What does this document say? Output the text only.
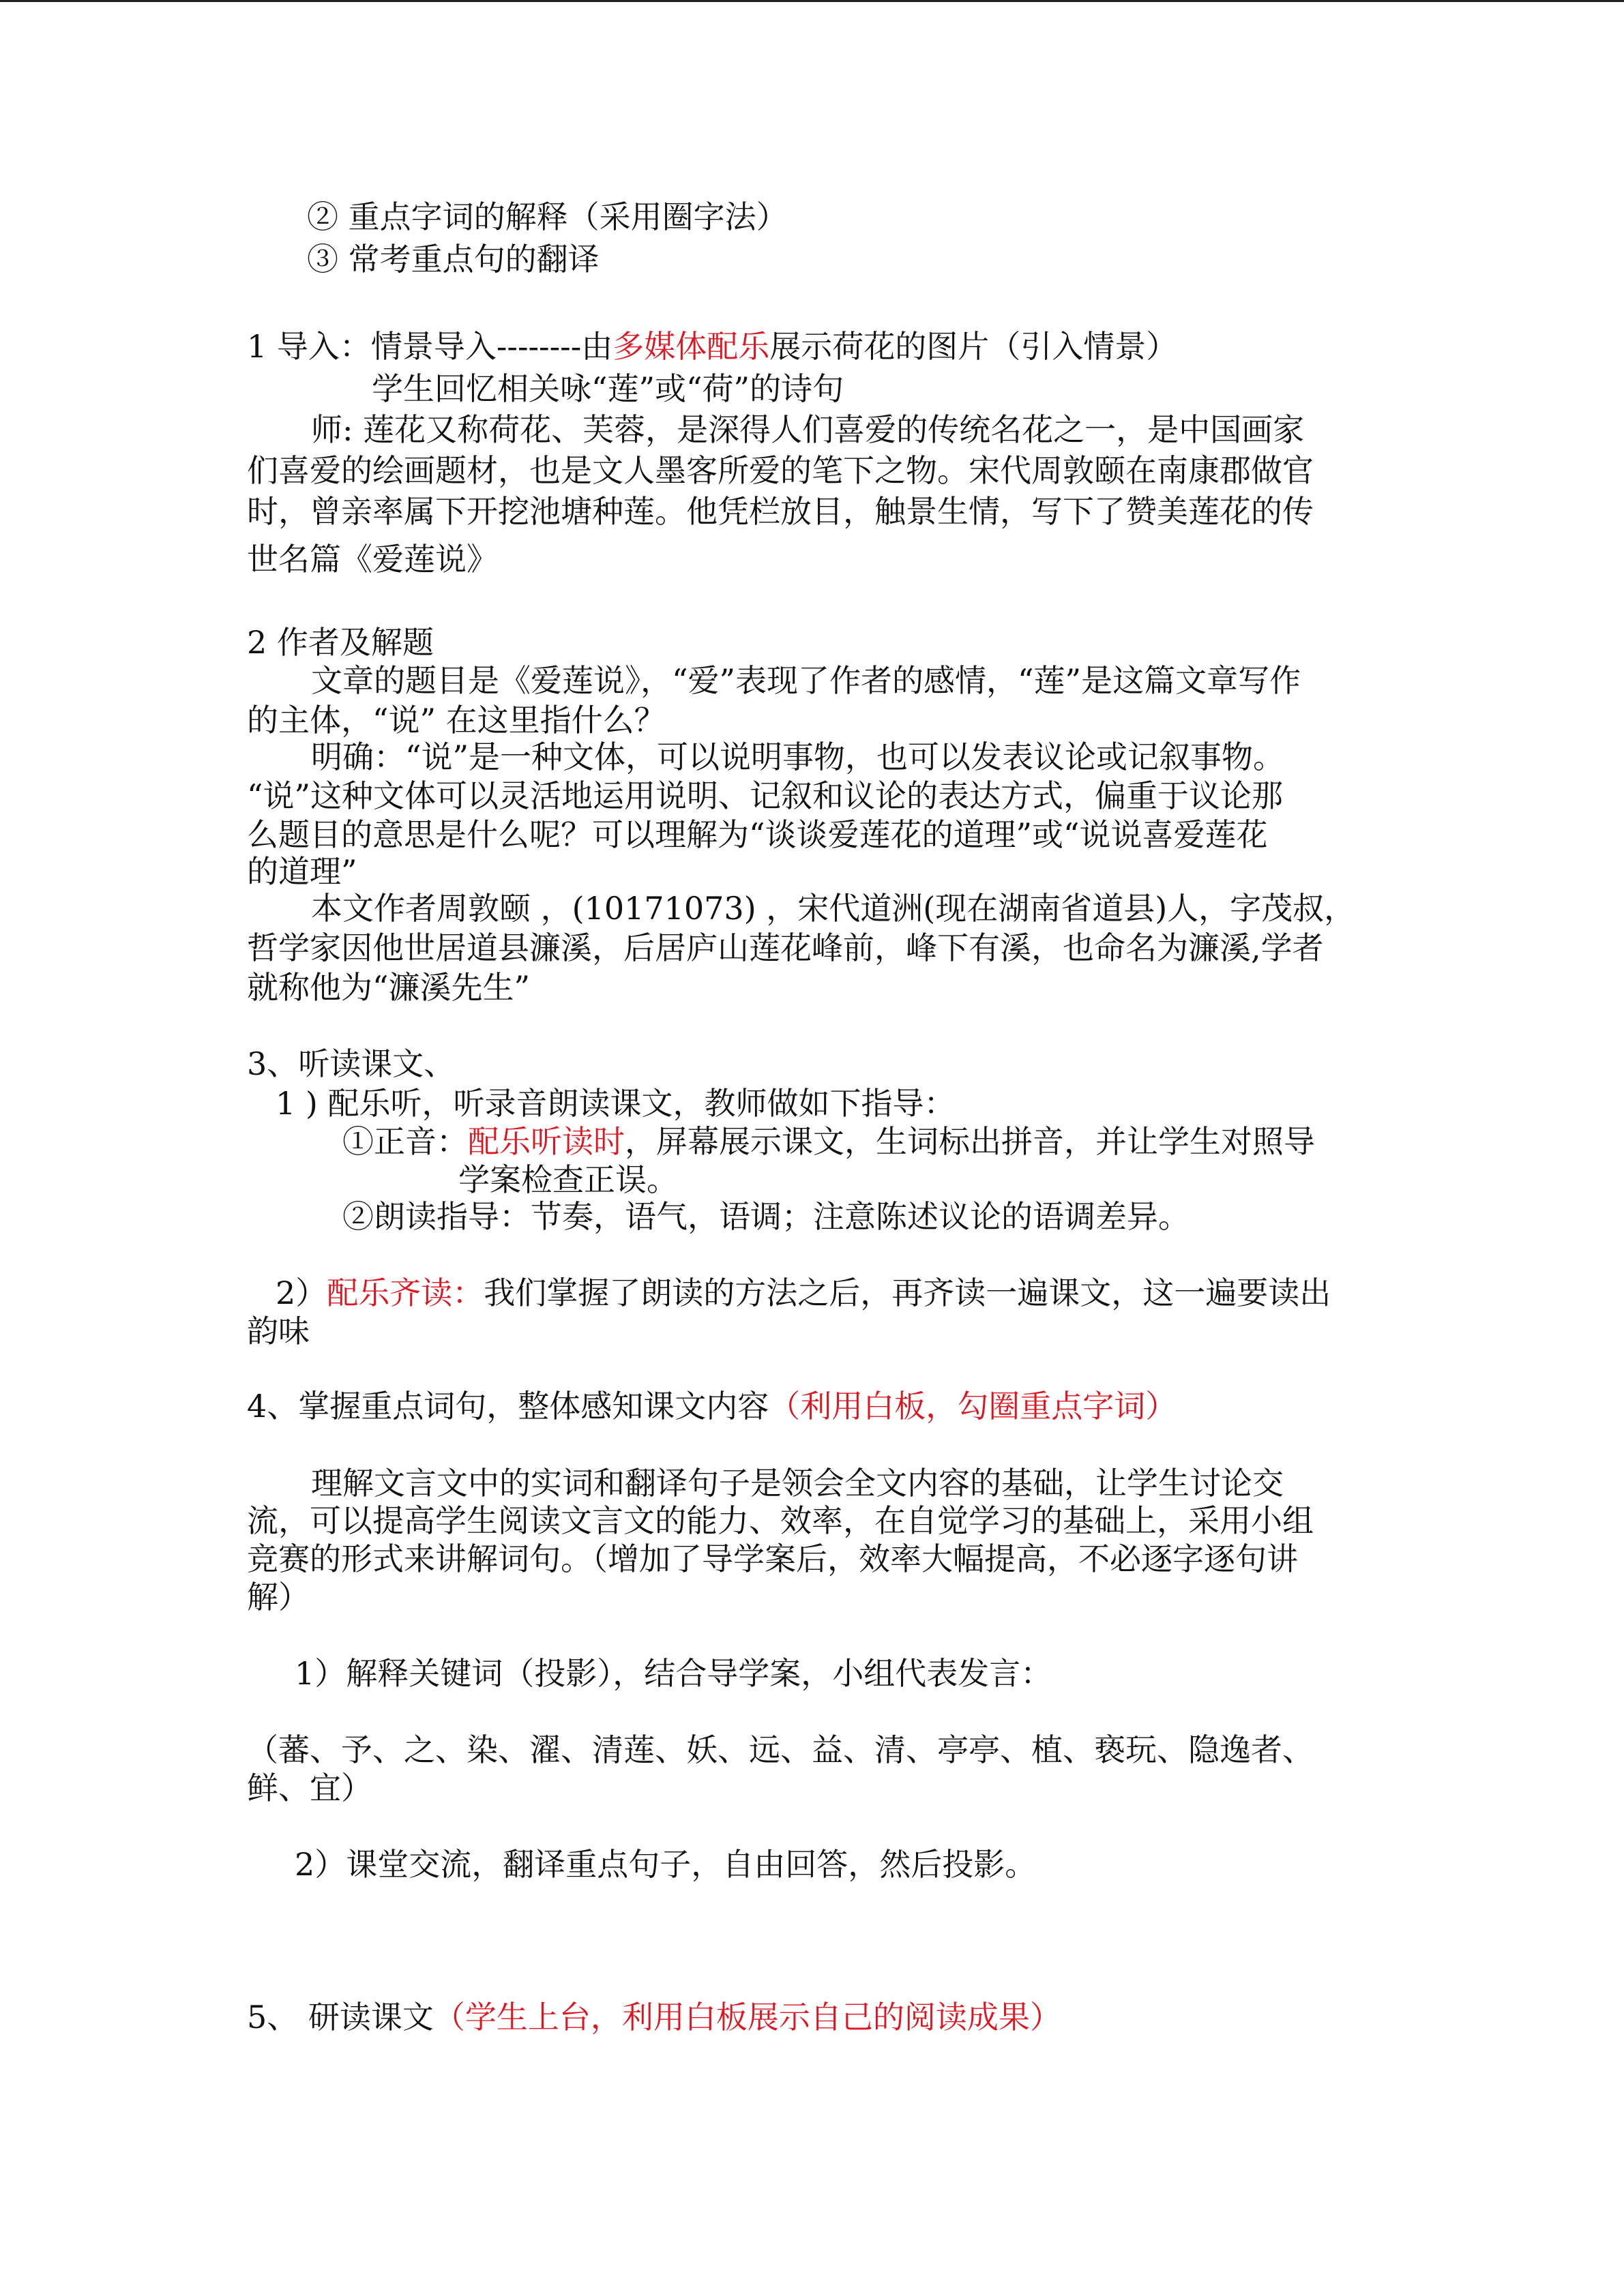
② 重点字词的解释（采用圈字法）
③ 常考重点句的翻译
1 导入：情景导入--------由多媒体配乐展示荷花的图片（引入情景）
学生回忆相关咏“莲”或“荷”的诗句
师: 莲花又称荷花、芙蓉，是深得人们喜爱的传统名花之一，是中国画家
们喜爱的绘画题材，也是文人墨客所爱的笔下之物。宋代周敦颐在南康郡做官
时，曾亲率属下开挖池塘种莲。他凭栏放目，触景生情，写下了赞美莲花的传
世名篇《爱莲说》
2 作者及解题
文章的题目是《爱莲说》，“爱”表现了作者的感情，“莲”是这篇文章写作
的主体，“说” 在这里指什么？
明确：“说”是一种文体，可以说明事物，也可以发表议论或记叙事物。
“说”这种文体可以灵活地运用说明、记叙和议论的表达方式，偏重于议论那
么题目的意思是什么呢？可以理解为“谈谈爱莲花的道理”或“说说喜爱莲花
的道理”
本文作者周敦颐 ，(10171073) ，宋代道洲(现在湖南省道县)人，字茂叔，
哲学家因他世居道县濂溪，后居庐山莲花峰前，峰下有溪，也命名为濂溪,学者
就称他为“濂溪先生”
3、听读课文、
1 ) 配乐听，听录音朗读课文，教师做如下指导：
①正音：配乐听读时，屏幕展示课文，生词标出拼音，并让学生对照导
学案检查正误。
②朗读指导：节奏，语气，语调；注意陈述议论的语调差异。
2）配乐齐读：我们掌握了朗读的方法之后，再齐读一遍课文，这一遍要读出
韵味
4、掌握重点词句，整体感知课文内容（利用白板，勾圈重点字词）
理解文言文中的实词和翻译句子是领会全文内容的基础，让学生讨论交
流，可以提高学生阅读文言文的能力、效率，在自觉学习的基础上，采用小组
竞赛的形式来讲解词句。（增加了导学案后，效率大幅提高，不必逐字逐句讲
解）
1）解释关键词（投影），结合导学案，小组代表发言：
（蕃、予、之、染、濯、清莲、妖、远、益、清、亭亭、植、亵玩、隐逸者、
鲜、宜）
2）课堂交流，翻译重点句子，自由回答，然后投影。
5、 研读课文（学生上台，利用白板展示自己的阅读成果）
